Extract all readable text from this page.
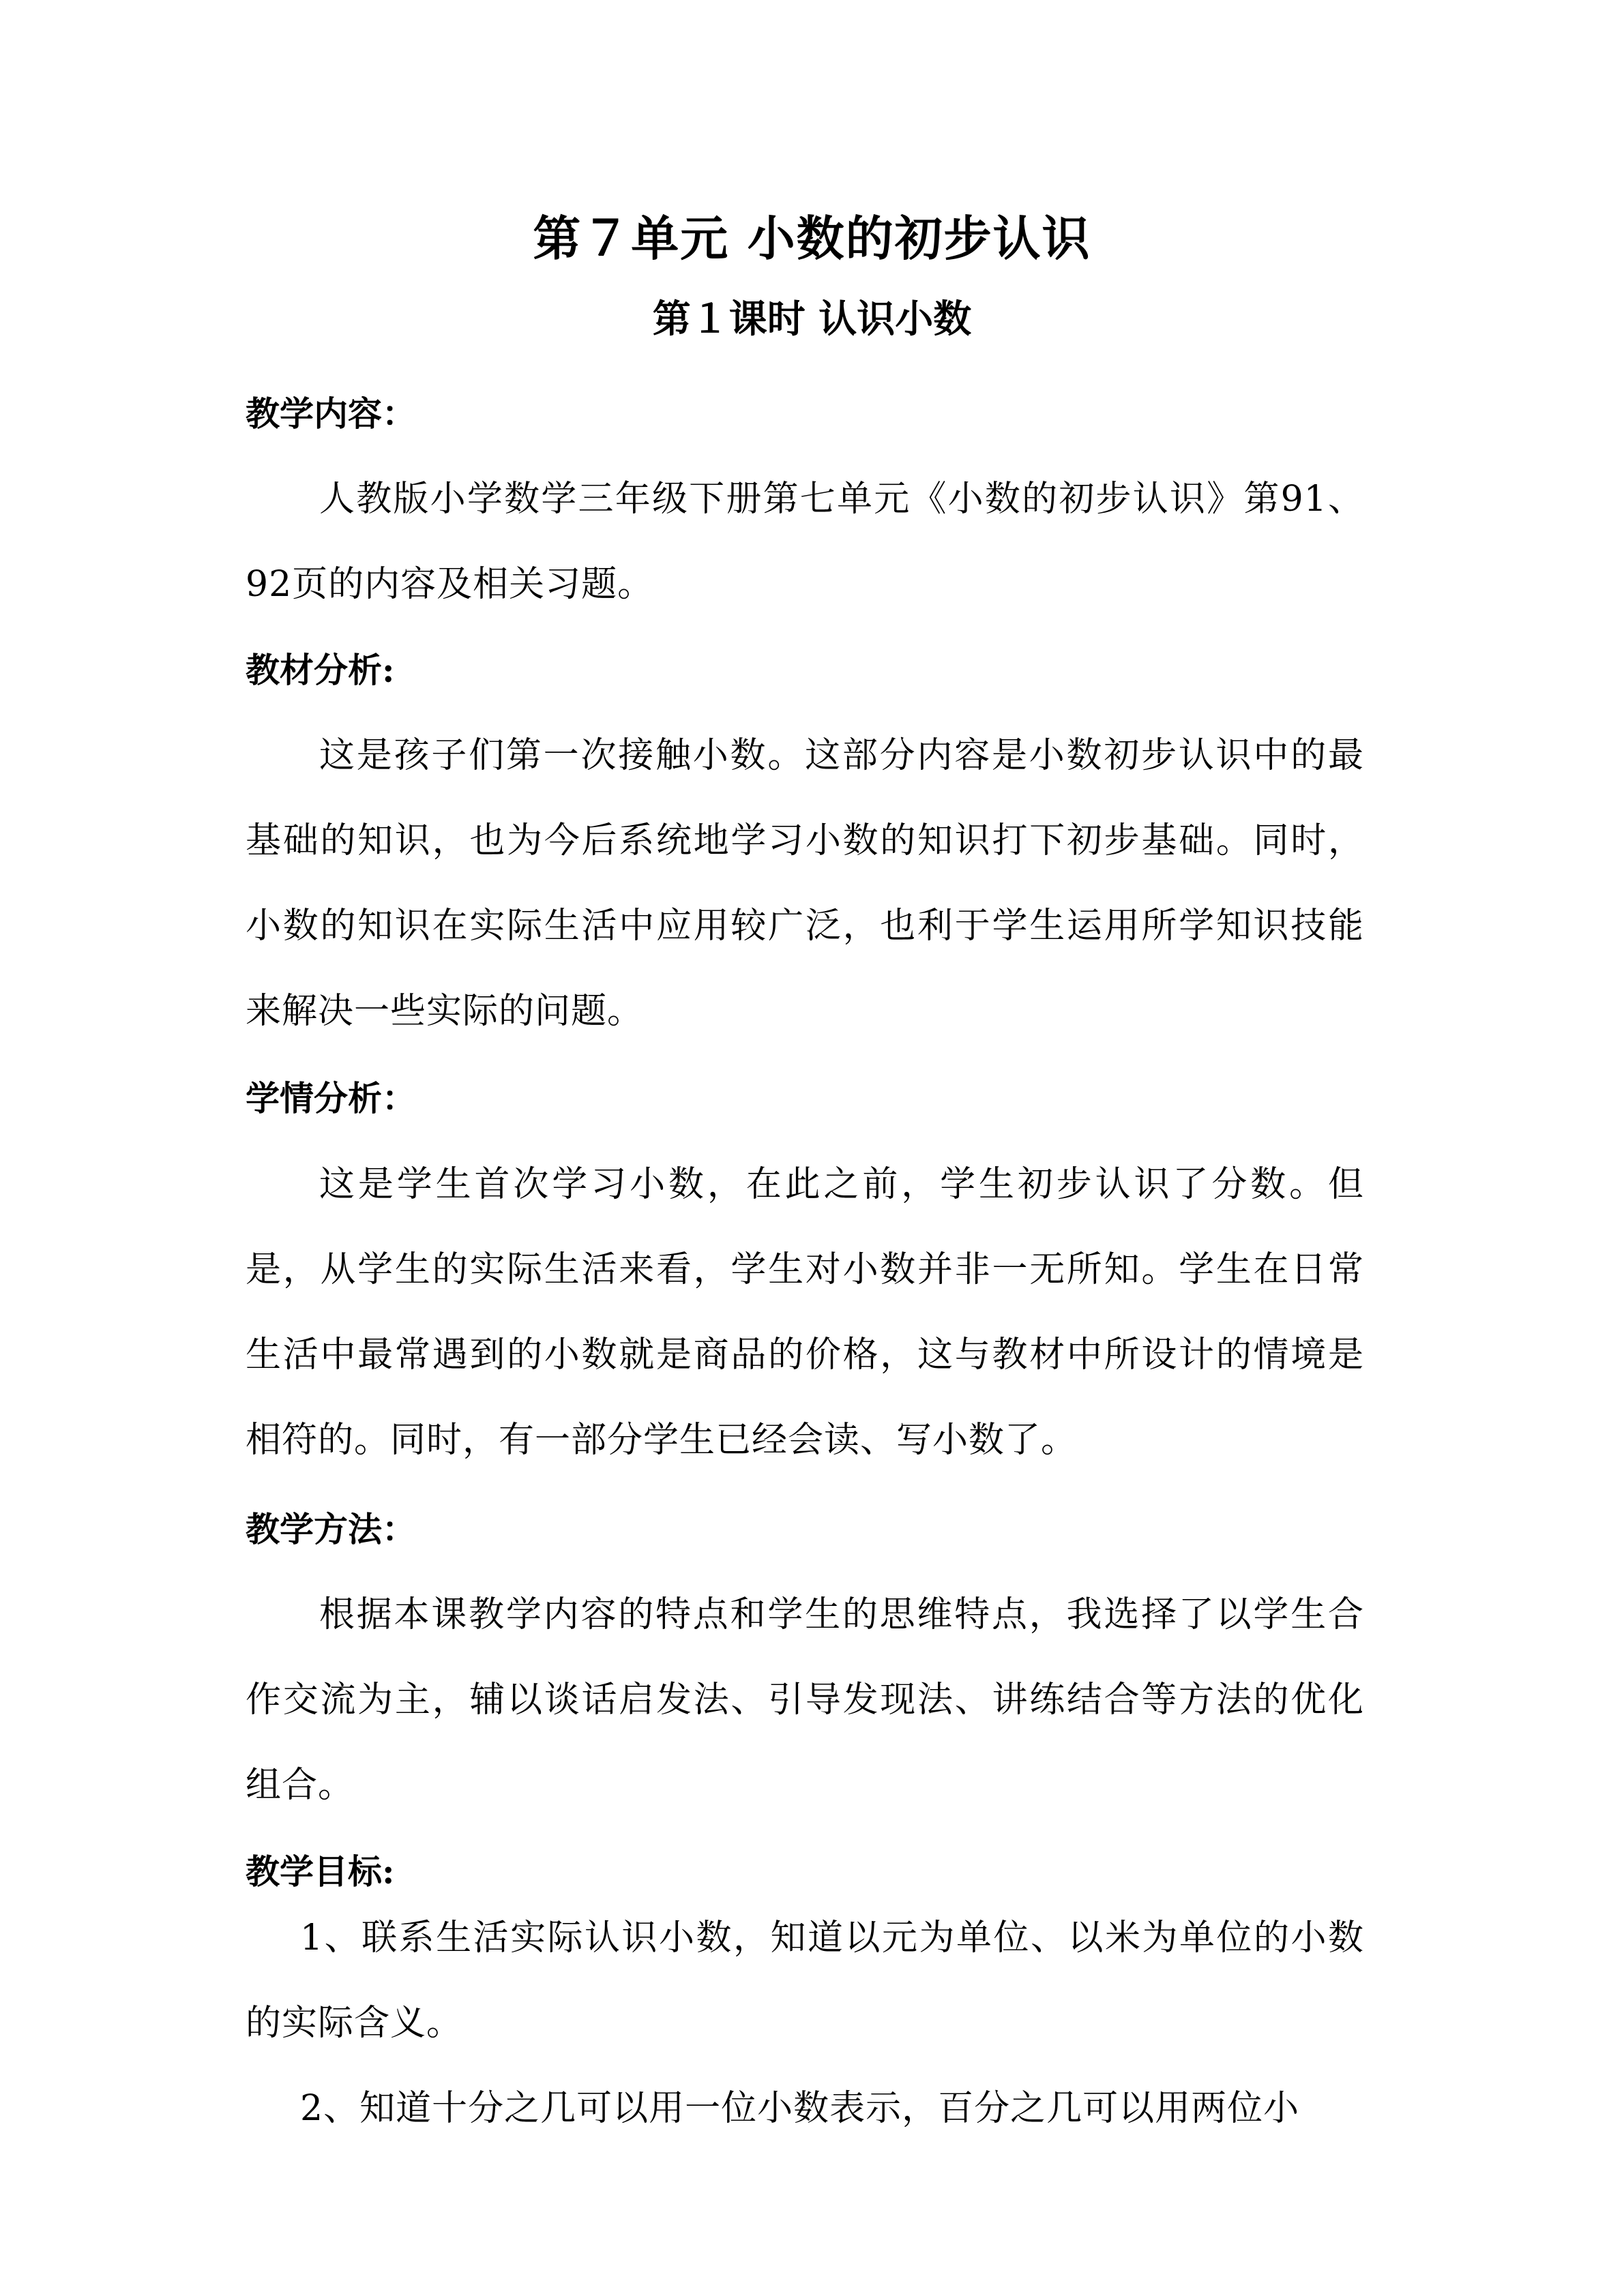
第７单元 小数的初步认识
第１课时 认识小数
教学内容：

人教版小学数学三年级下册第七单元《小数的初步认识》第91、92页的内容及相关习题。

教材分析:

这是孩子们第一次接触小数。这部分内容是小数初步认识中的最基础的知识，也为今后系统地学习小数的知识打下初步基础。同时，小数的知识在实际生活中应用较广泛，也利于学生运用所学知识技能来解决一些实际的问题。

学情分析：

这是学生首次学习小数，在此之前，学生初步认识了分数。但是，从学生的实际生活来看，学生对小数并非一无所知。学生在日常生活中最常遇到的小数就是商品的价格，这与教材中所设计的情境是相符的。同时，有一部分学生已经会读、写小数了。

教学方法：

根据本课教学内容的特点和学生的思维特点，我选择了以学生合作交流为主，辅以谈话启发法、引导发现法、讲练结合等方法的优化组合。

教学目标:

1、联系生活实际认识小数，知道以元为单位、以米为单位的小数的实际含义。

2、知道十分之几可以用一位小数表示，百分之几可以用两位小
